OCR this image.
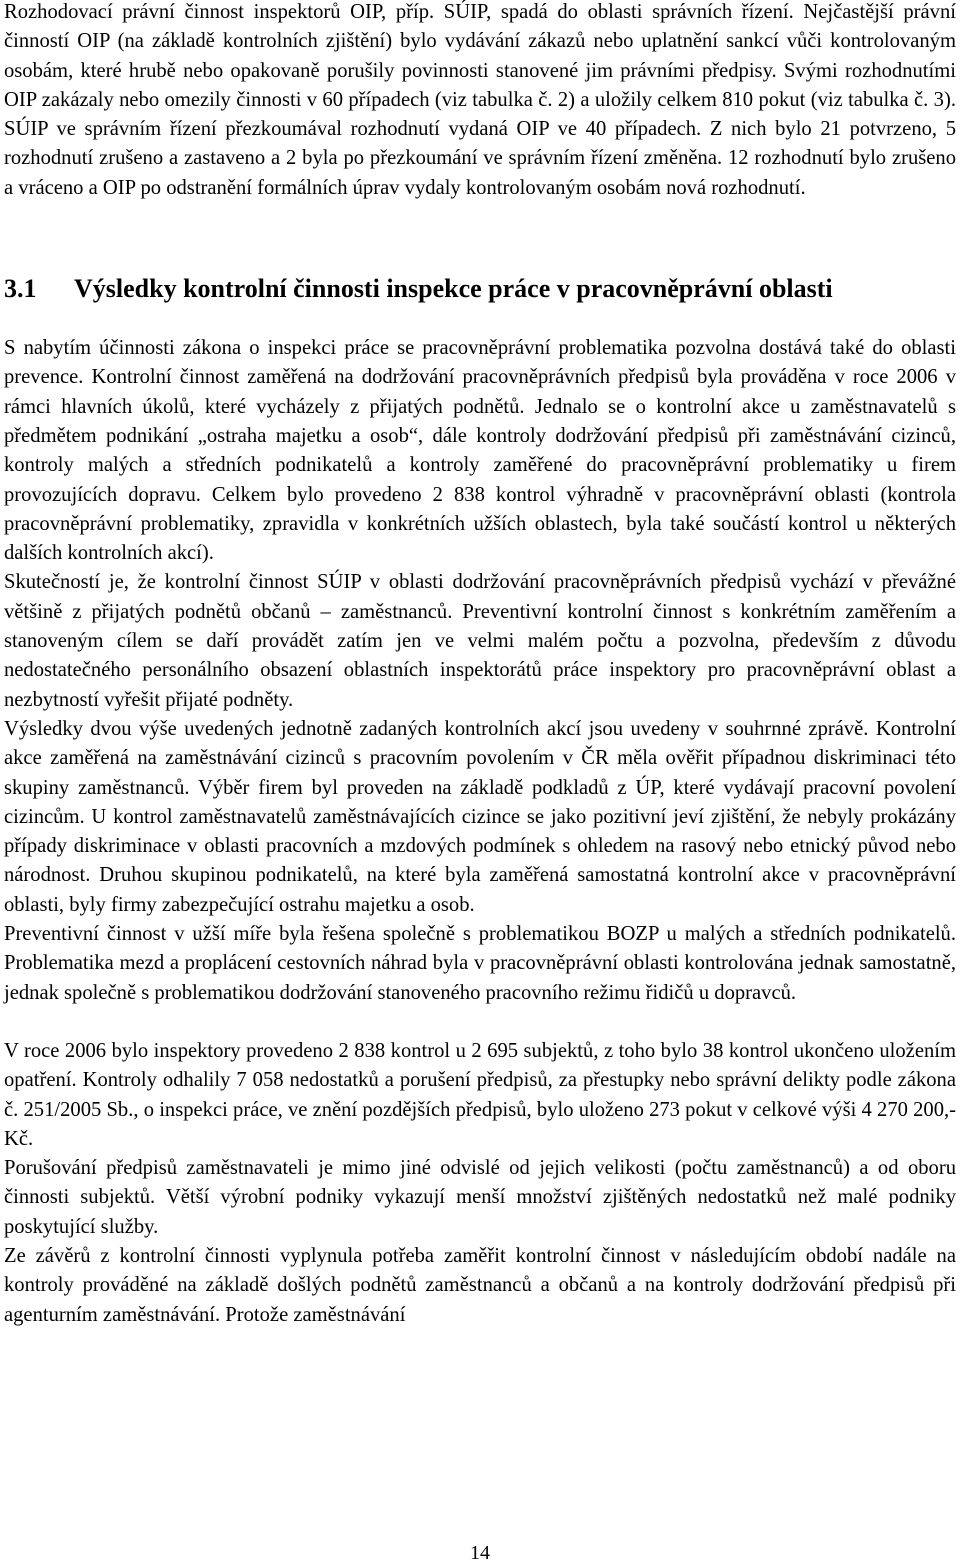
Rozhodovací právní činnost inspektorů OIP, příp. SÚIP, spadá do oblasti správních řízení. Nejčastější právní činností OIP (na základě kontrolních zjištění) bylo vydávání zákazů nebo uplatnění sankcí vůči kontrolovaným osobám, které hrubě nebo opakovaně porušily povinnosti stanovené jim právními předpisy. Svými rozhodnutími OIP zakázaly nebo omezily činnosti v 60 případech (viz tabulka č. 2) a uložily celkem 810 pokut (viz tabulka č. 3). SÚIP ve správním řízení přezkoumával rozhodnutí vydaná OIP ve 40 případech. Z nich bylo 21 potvrzeno, 5 rozhodnutí zrušeno a zastaveno a 2 byla po přezkoumání ve správním řízení změněna. 12 rozhodnutí bylo zrušeno a vráceno a OIP po odstranění formálních úprav vydaly kontrolovaným osobám nová rozhodnutí.

3.1	Výsledky kontrolní činnosti inspekce práce v pracovněprávní oblasti

S nabytím účinnosti zákona o inspekci práce se pracovněprávní problematika pozvolna dostává také do oblasti prevence. Kontrolní činnost zaměřená na dodržování pracovněprávních předpisů byla prováděna v roce 2006 v rámci hlavních úkolů, které vycházely z přijatých podnětů. Jednalo se o kontrolní akce u zaměstnavatelů s předmětem podnikání „ostraha majetku a osob“, dále kontroly dodržování předpisů při zaměstnávání cizinců, kontroly malých a středních podnikatelů a kontroly zaměřené do pracovněprávní problematiky u firem provozujících dopravu. Celkem bylo provedeno 2 838 kontrol výhradně v pracovněprávní oblasti (kontrola pracovněprávní problematiky, zpravidla v konkrétních užších oblastech, byla také součástí kontrol u některých dalších kontrolních akcí).

Skutečností je, že kontrolní činnost SÚIP v oblasti dodržování pracovněprávních předpisů vychází v převážné většině z přijatých podnětů občanů – zaměstnanců. Preventivní kontrolní činnost s konkrétním zaměřením a stanoveným cílem se daří provádět zatím jen ve velmi malém počtu a pozvolna, především z důvodu nedostatečného personálního obsazení oblastních inspektorátů práce inspektory pro pracovněprávní oblast a nezbytností vyřešit přijaté podněty.

Výsledky dvou výše uvedených jednotně zadaných kontrolních akcí jsou uvedeny v souhrnné zprávě. Kontrolní akce zaměřená na zaměstnávání cizinců s pracovním povolením v ČR měla ověřit případnou diskriminaci této skupiny zaměstnanců. Výběr firem byl proveden na základě podkladů z ÚP, které vydávají pracovní povolení cizincům. U kontrol zaměstnavatelů zaměstnávajících cizince se jako pozitivní jeví zjištění, že nebyly prokázány případy diskriminace v oblasti pracovních a mzdových podmínek s ohledem na rasový nebo etnický původ nebo národnost. Druhou skupinou podnikatelů, na které byla zaměřená samostatná kontrolní akce v pracovněprávní oblasti, byly firmy zabezpečující ostrahu majetku a osob.

Preventivní činnost v užší míře byla řešena společně s problematikou BOZP u malých a středních podnikatelů. Problematika mezd a proplácení cestovních náhrad byla v pracovněprávní oblasti kontrolována jednak samostatně, jednak společně s problematikou dodržování stanoveného pracovního režimu řidičů u dopravců.

V roce 2006 bylo inspektory provedeno 2 838 kontrol u 2 695 subjektů, z toho bylo 38 kontrol ukončeno uložením opatření. Kontroly odhalily 7 058 nedostatků a porušení předpisů, za přestupky nebo správní delikty podle zákona č. 251/2005 Sb., o inspekci práce, ve znění pozdějších předpisů, bylo uloženo 273 pokut v celkové výši 4 270 200,- Kč.

Porušování předpisů zaměstnavateli je mimo jiné odvislé od jejich velikosti (počtu zaměstnanců) a od oboru činnosti subjektů. Větší výrobní podniky vykazují menší množství zjištěných nedostatků než malé podniky poskytující služby.

Ze závěrů z kontrolní činnosti vyplynula potřeba zaměřit kontrolní činnost v následujícím období nadále na kontroly prováděné na základě došlých podnětů zaměstnanců a občanů a na kontroly dodržování předpisů při agenturním zaměstnávání. Protože zaměstnávání

14
